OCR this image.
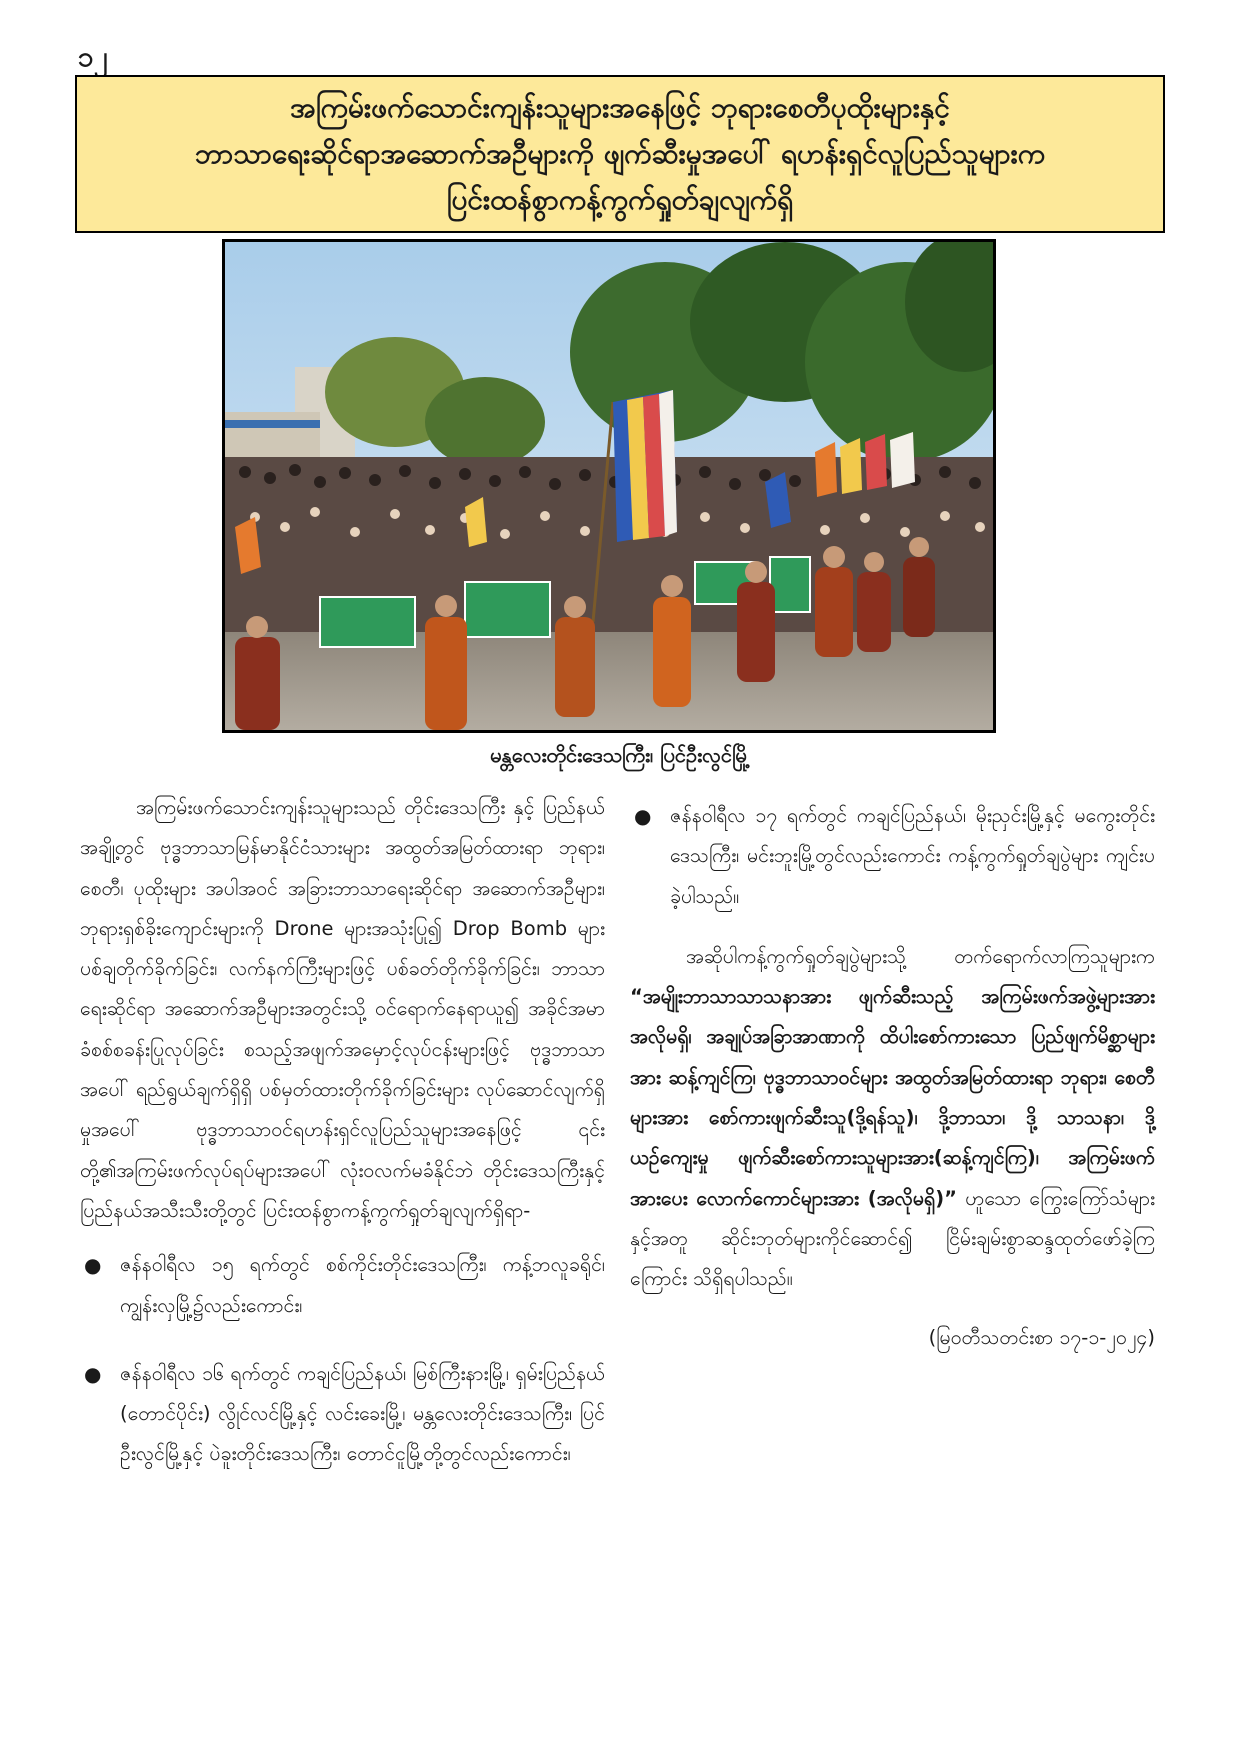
၁၂
အကြမ်းဖက်သောင်းကျန်းသူများအနေဖြင့် ဘုရားစေတီပုထိုးများနှင့်
ဘာသာရေးဆိုင်ရာအဆောက်အဦများကို ဖျက်ဆီးမှုအပေါ် ရဟန်းရှင်လူပြည်သူများက
ပြင်းထန်စွာကန့်ကွက်ရှုတ်ချလျက်ရှိ
မန္တလေးတိုင်းဒေသကြီး၊ ပြင်ဦးလွင်မြို့

အကြမ်းဖက်သောင်းကျန်းသူများသည် တိုင်းဒေသကြီး နှင့် ပြည်နယ်အချို့တွင် ဗုဒ္ဓဘာသာမြန်မာနိုင်ငံသားများ အထွတ်အမြတ်ထားရာ ဘုရား၊ စေတီ၊ ပုထိုးများ အပါအဝင် အခြားဘာသာရေးဆိုင်ရာ အဆောက်အဦများ၊ ဘုရားရှစ်ခိုးကျောင်းများကို Drone များအသုံးပြု၍ Drop Bomb များ ပစ်ချတိုက်ခိုက်ခြင်း၊ လက်နက်ကြီးများဖြင့် ပစ်ခတ်တိုက်ခိုက်ခြင်း၊ ဘာသာရေးဆိုင်ရာ အဆောက်အဦများအတွင်းသို့ ဝင်ရောက်နေရာယူ၍ အခိုင်အမာခံစစ်စခန်းပြုလုပ်ခြင်း စသည့်အဖျက်အမှောင့်လုပ်ငန်းများဖြင့် ဗုဒ္ဓဘာသာအပေါ် ရည်ရွယ်ချက်ရှိရှိ ပစ်မှတ်ထားတိုက်ခိုက်ခြင်းများ လုပ်ဆောင်လျက်ရှိမှုအပေါ် ဗုဒ္ဓဘာသာဝင်ရဟန်းရှင်လူပြည်သူများအနေဖြင့် ၎င်းတို့၏အကြမ်းဖက်လုပ်ရပ်များအပေါ် လုံးဝလက်မခံနိုင်ဘဲ တိုင်းဒေသကြီးနှင့် ပြည်နယ်အသီးသီးတို့တွင် ပြင်းထန်စွာကန့်ကွက်ရှုတ်ချလျက်ရှိရာ-

● ဇန်နဝါရီလ ၁၅ ရက်တွင် စစ်ကိုင်းတိုင်းဒေသကြီး၊ ကန့်ဘလူခရိုင်၊ ကျွန်းလှမြို့၌လည်းကောင်း၊

● ဇန်နဝါရီလ ၁၆ ရက်တွင် ကချင်ပြည်နယ်၊ မြစ်ကြီးနားမြို့၊ ရှမ်းပြည်နယ် (တောင်ပိုင်း) လွိုင်လင်မြို့နှင့် လင်းခေးမြို့၊ မန္တလေးတိုင်းဒေသကြီး၊ ပြင်ဦးလွင်မြို့နှင့် ပဲခူးတိုင်းဒေသကြီး၊ တောင်ငူမြို့တို့တွင်လည်းကောင်း၊

● ဇန်နဝါရီလ ၁၇ ရက်တွင် ကချင်ပြည်နယ်၊ မိုးညှင်းမြို့နှင့် မကွေးတိုင်းဒေသကြီး၊ မင်းဘူးမြို့တွင်လည်းကောင်း ကန့်ကွက်ရှုတ်ချပွဲများ ကျင်းပခဲ့ပါသည်။

အဆိုပါကန့်ကွက်ရှုတ်ချပွဲများသို့ တက်ရောက်လာကြသူများက “အမျိုးဘာသာသာသနာအား ဖျက်ဆီးသည့် အကြမ်းဖက်အဖွဲ့များအား အလိုမရှိ၊ အချုပ်အခြာအာဏာကို ထိပါးစော်ကားသော ပြည်ဖျက်မိစ္ဆာများအား ဆန့်ကျင်ကြ၊ ဗုဒ္ဓဘာသာဝင်များ အထွတ်အမြတ်ထားရာ ဘုရား၊ စေတီများအား စော်ကားဖျက်ဆီးသူ(ဒို့ရန်သူ)၊ ဒို့ဘာသာ၊ ဒို့ သာသနာ၊ ဒို့ယဉ်ကျေးမှု ဖျက်ဆီးစော်ကားသူများအား(ဆန့်ကျင်ကြ)၊ အကြမ်းဖက်အားပေး လောက်ကောင်များအား (အလိုမရှိ)” ဟူသော ကြွေးကြော်သံများနှင့်အတူ ဆိုင်းဘုတ်များကိုင်ဆောင်၍ ငြိမ်းချမ်းစွာဆန္ဒထုတ်ဖော်ခဲ့ကြကြောင်း သိရှိရပါသည်။

(မြဝတီသတင်းစာ ၁၇-၁-၂၀၂၄)
